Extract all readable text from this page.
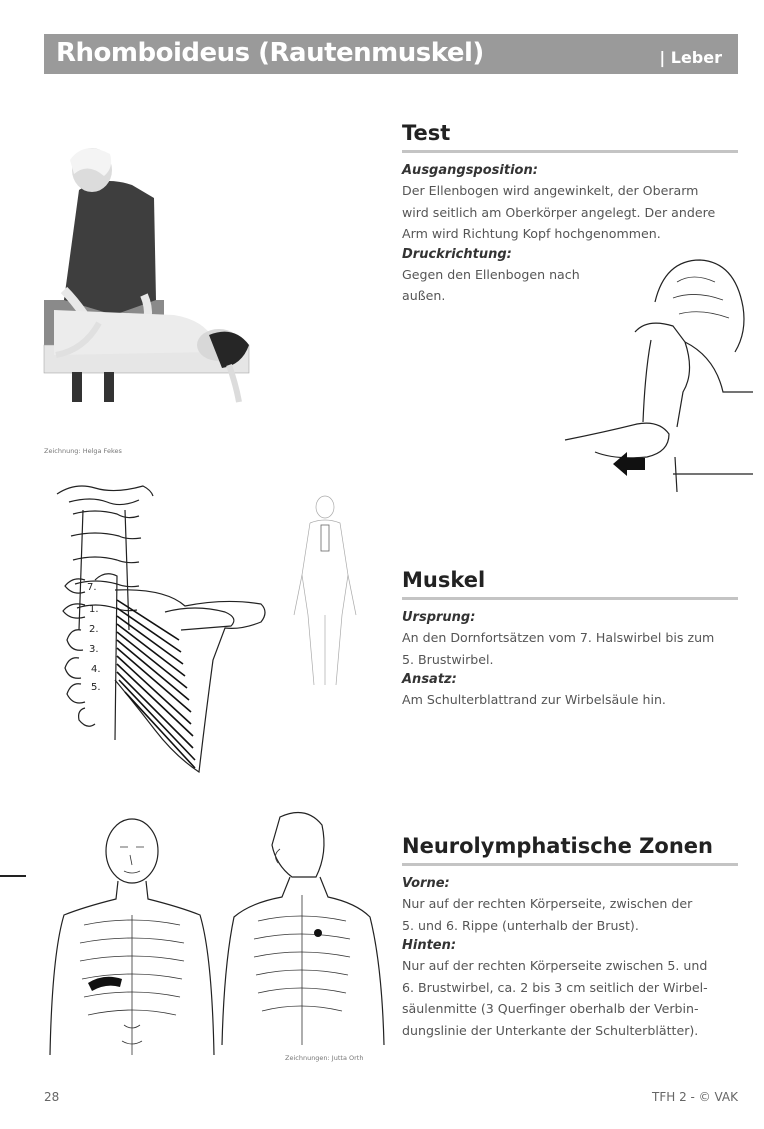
Rhomboideus (Rautenmuskel)	| Leber
Zeichnung: Helga Fekes
Test
Ausgangsposition:
Der Ellenbogen wird angewinkelt, der Oberarm
wird seitlich am Oberkörper angelegt. Der andere
Arm wird Richtung Kopf hochgenommen.
Druckrichtung:
Gegen den Ellenbogen nach
außen.
7.
1.
2.
3.
4.
5.
Muskel
Ursprung:
An den Dornfortsätzen vom 7. Halswirbel bis zum
5. Brustwirbel.
Ansatz:
Am Schulterblattrand zur Wirbelsäule hin.
Zeichnungen: Jutta Orth
Neurolymphatische Zonen
Vorne:
Nur auf der rechten Körperseite, zwischen der
5. und 6. Rippe (unterhalb der Brust).
Hinten:
Nur auf der rechten Körperseite zwischen 5. und
6. Brustwirbel, ca. 2 bis 3 cm seitlich der Wirbel-
säulenmitte (3 Querfinger oberhalb der Verbin-
dungslinie der Unterkante der Schulterblätter).
28	TFH 2 - © VAK
